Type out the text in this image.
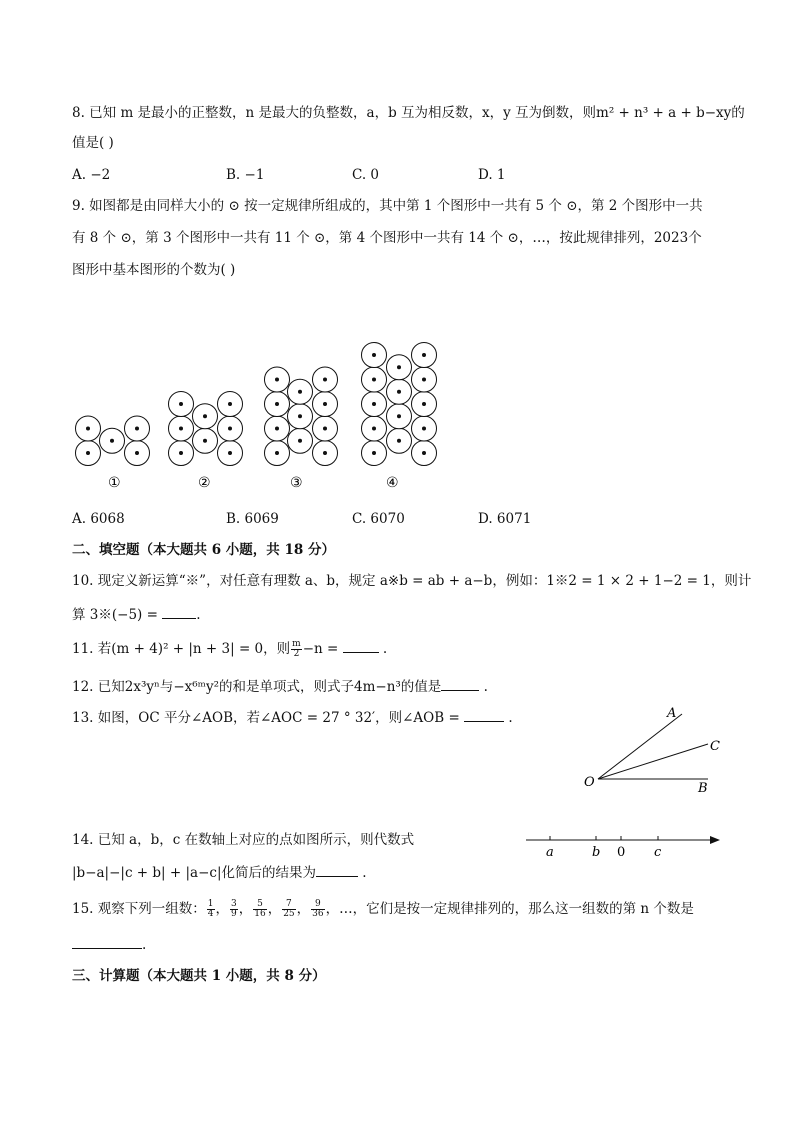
8. 已知 m 是最小的正整数，n 是最大的负整数，a，b 互为相反数，x，y 互为倒数，则m² + n³ + a + b−xy的
值是( )
A. −2	B. −1	C. 0	D. 1
9. 如图都是由同样大小的 ⊙ 按一定规律所组成的，其中第 1 个图形中一共有 5 个 ⊙，第 2 个图形中一共
有 8 个 ⊙，第 3 个图形中一共有 11 个 ⊙，第 4 个图形中一共有 14 个 ⊙，…，按此规律排列，2023个
图形中基本图形的个数为( )
①	②	③	④
A. 6068	B. 6069	C. 6070	D. 6071
二、填空题（本大题共 6 小题，共 18 分）
10. 现定义新运算“※”，对任意有理数 a、b，规定 a※b = ab + a−b，例如：1※2 = 1 × 2 + 1−2 = 1，则计
算 3※(−5) =	.
11. 若(m + 4)² + |n + 3| = 0，则 $\frac{m}{2} -n$ =	.
12. 已知2x³yⁿ与−x⁶ᵐy²的和是单项式，则式子4m−n³的值是	.
13. 如图，OC 平分∠AOB，若∠AOC = 27 ° 32′，则∠AOB =	.	A
C
O	B
14. 已知 a，b，c 在数轴上对应的点如图所示，则代数式
|b−a|−|c + b| + |a−c|化简后的结果为	.
a	b 0 c
15. 观察下列一组数： $\frac{1}{4}$ ， $\frac{3}{9}$ ， $\frac{5}{16}$ ， $\frac{7}{25}$ ， $\frac{9}{36}$ ，…，它们是按一定规律排列的，那么这一组数的第 n 个数是
.
三、计算题（本大题共 1 小题，共 8 分）
